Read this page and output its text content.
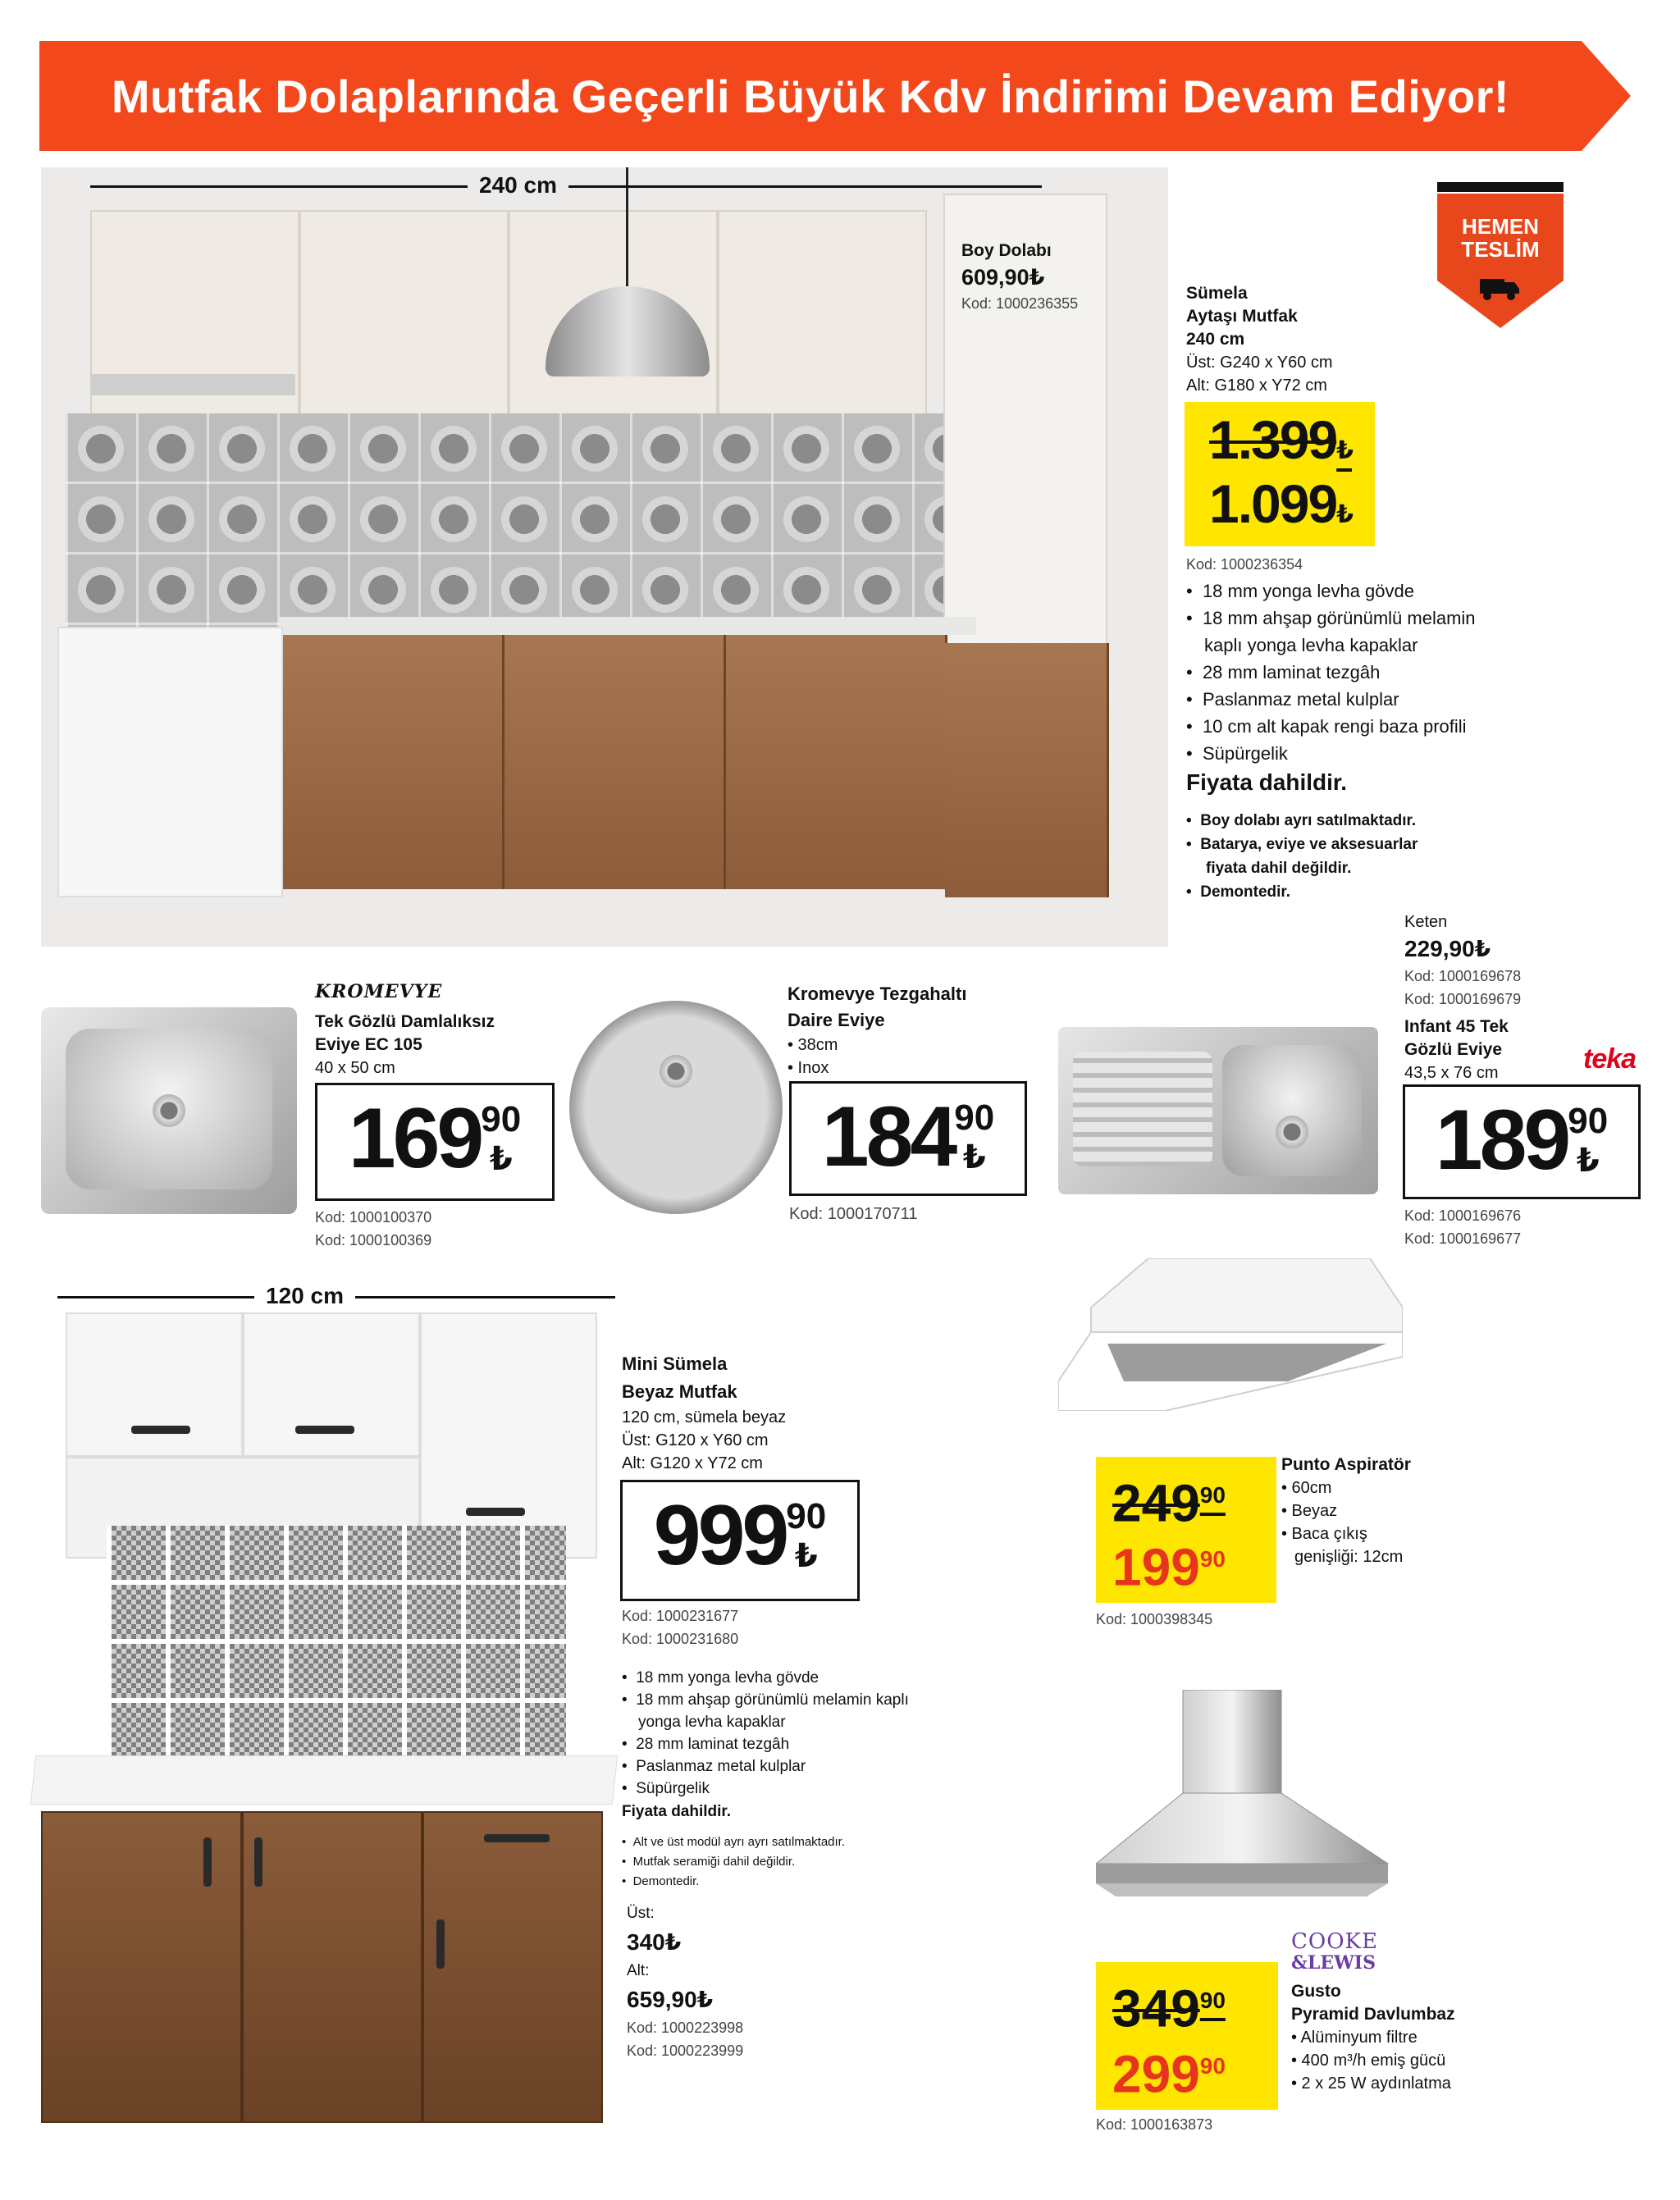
Mutfak Dolaplarında Geçerli Büyük Kdv İndirimi Devam Ediyor!
240 cm
Boy Dolabı
609,90₺
Kod: 1000236355
HEMEN
TESLİM
Sümela
Aytaşı Mutfak
240 cm
Üst: G240 x Y60 cm
Alt: G180 x Y72 cm
1.399₺
1.099₺
Kod: 1000236354
•  18 mm yonga levha gövde
•  18 mm ahşap görünümlü melamin
kaplı yonga levha kapaklar
•  28 mm laminat tezgâh
•  Paslanmaz metal kulplar
•  10 cm alt kapak rengi baza profili
•  Süpürgelik
Fiyata dahildir.
•  Boy dolabı ayrı satılmaktadır.
•  Batarya, eviye ve aksesuarlar
fiyata dahil değildir.
•  Demontedir.
KROMEVYE
Tek Gözlü Damlalıksız
Eviye EC 105
40 x 50 cm
169 90
₺
Kod: 1000100370
Kod: 1000100369
Kromevye Tezgahaltı
Daire Eviye
• 38cm
• Inox
184 90
₺
Kod: 1000170711
Keten
229,90₺
Kod: 1000169678
Kod: 1000169679
Infant 45 Tek
Gözlü Eviye
43,5 x 76 cm	teka
189 90
₺
Kod: 1000169676
Kod: 1000169677
120 cm
Mini Sümela
Beyaz Mutfak
120 cm, sümela beyaz
Üst: G120 x Y60 cm
Alt: G120 x Y72 cm
999 90
₺
Kod: 1000231677
Kod: 1000231680
•  18 mm yonga levha gövde
•  18 mm ahşap görünümlü melamin kaplı
yonga levha kapaklar
•  28 mm laminat tezgâh
•  Paslanmaz metal kulplar
•  Süpürgelik
Fiyata dahildir.
•  Alt ve üst modül ayrı ayrı satılmaktadır.
•  Mutfak seramiği dahil değildir.
•  Demontedir.
Üst:
340₺
Alt:
659,90₺
Kod: 1000223998
Kod: 1000223999
$249^{90}$
$199^{90}$
Punto Aspiratör
• 60cm
• Beyaz
• Baca çıkış
genişliği: 12cm
Kod: 1000398345
COOKE
&LEWIS
$349^{90}$
$299^{90}$
Gusto
Pyramid Davlumbaz
• Alüminyum filtre
• 400 m³/h emiş gücü
• 2 x 25 W aydınlatma
Kod: 1000163873
